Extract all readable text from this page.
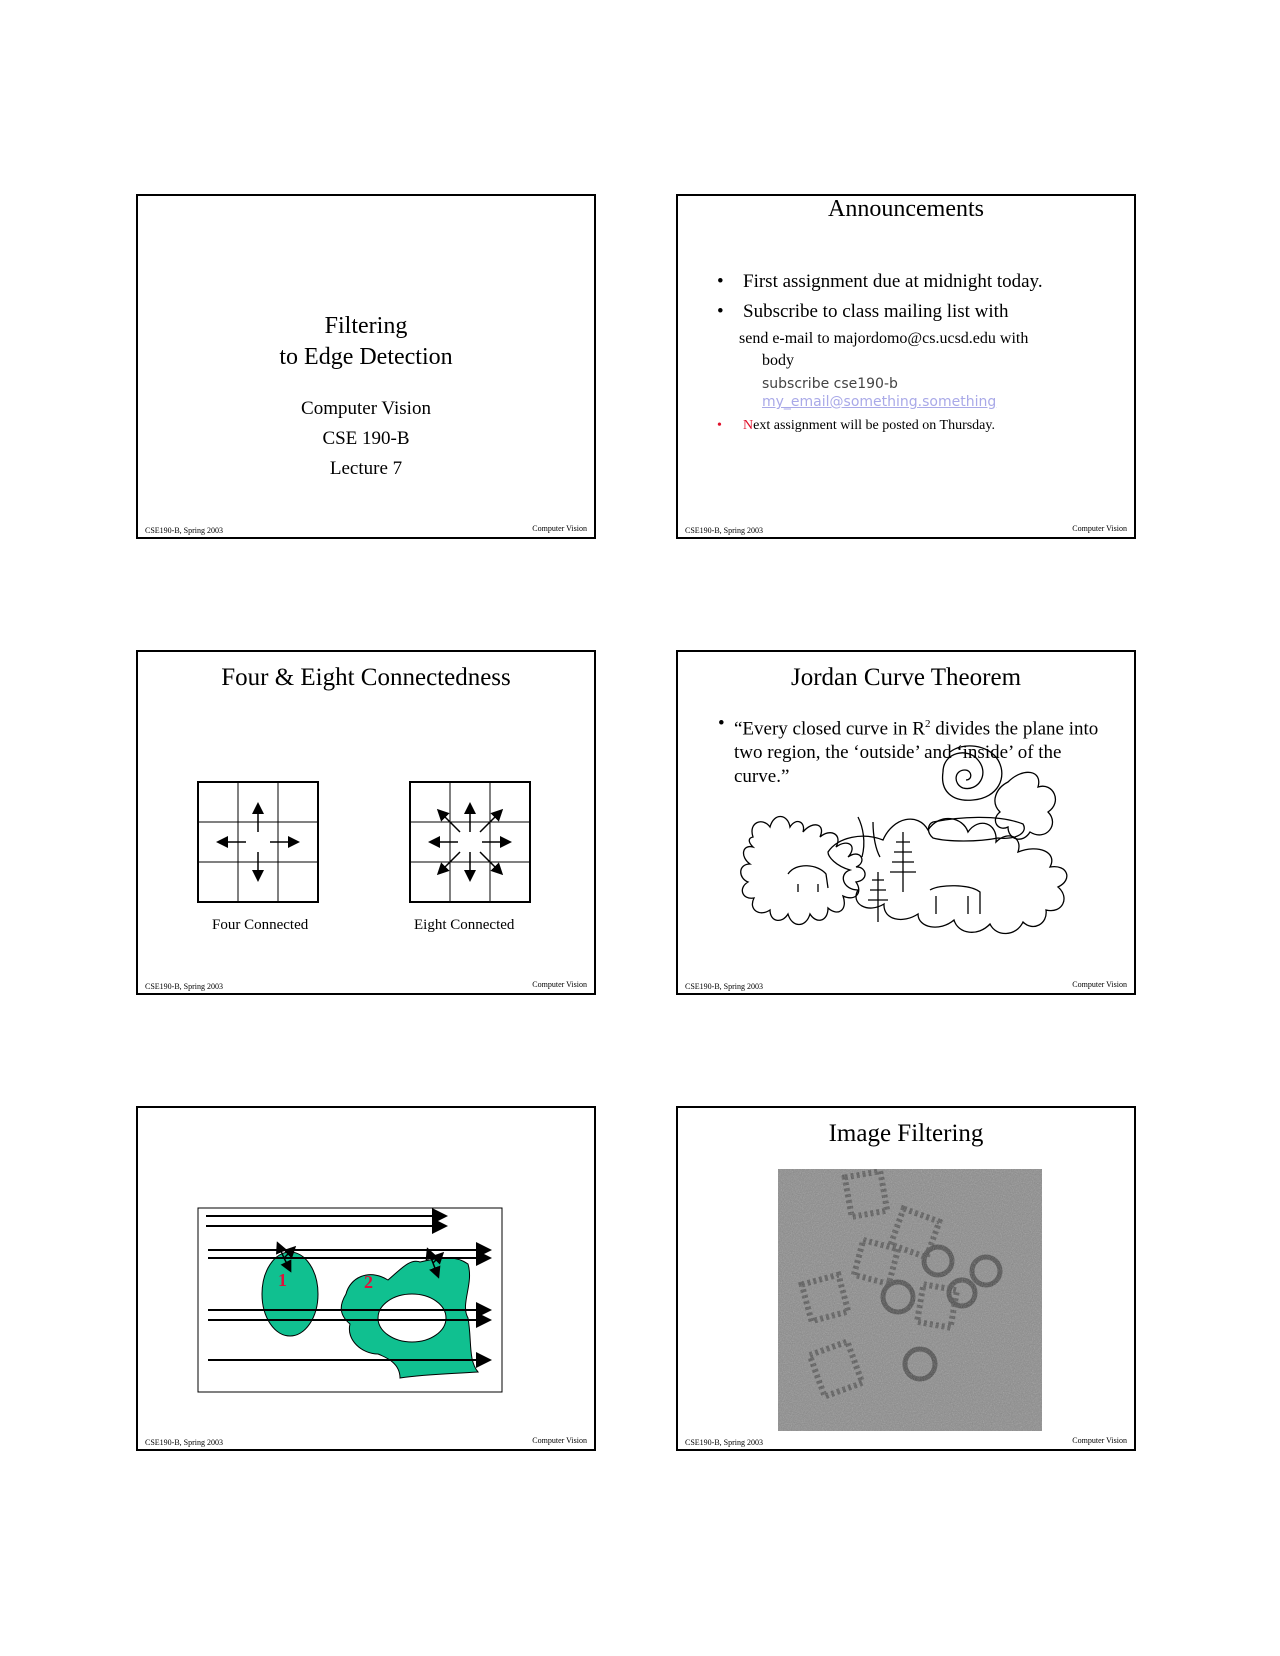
Filtering
to Edge Detection
Computer Vision
CSE 190-B
Lecture 7
CSE190-B, Spring 2003	Computer Vision
Announcements
• First assignment due at midnight today.
• Subscribe to class mailing list with
send e-mail to majordomo@cs.ucsd.edu with
body
subscribe cse190-b
my_email@something.something
• Next assignment will be posted on Thursday.
CSE190-B, Spring 2003	Computer Vision
Four & Eight Connectedness
Four Connected	Eight Connected
CSE190-B, Spring 2003	Computer Vision
Jordan Curve Theorem
• “Every closed curve in $R^2$ divides the plane into two region, the ‘outside’ and ‘inside’ of the curve.”
CSE190-B, Spring 2003	Computer Vision
1	2
CSE190-B, Spring 2003	Computer Vision
Image Filtering
CSE190-B, Spring 2003	Computer Vision
